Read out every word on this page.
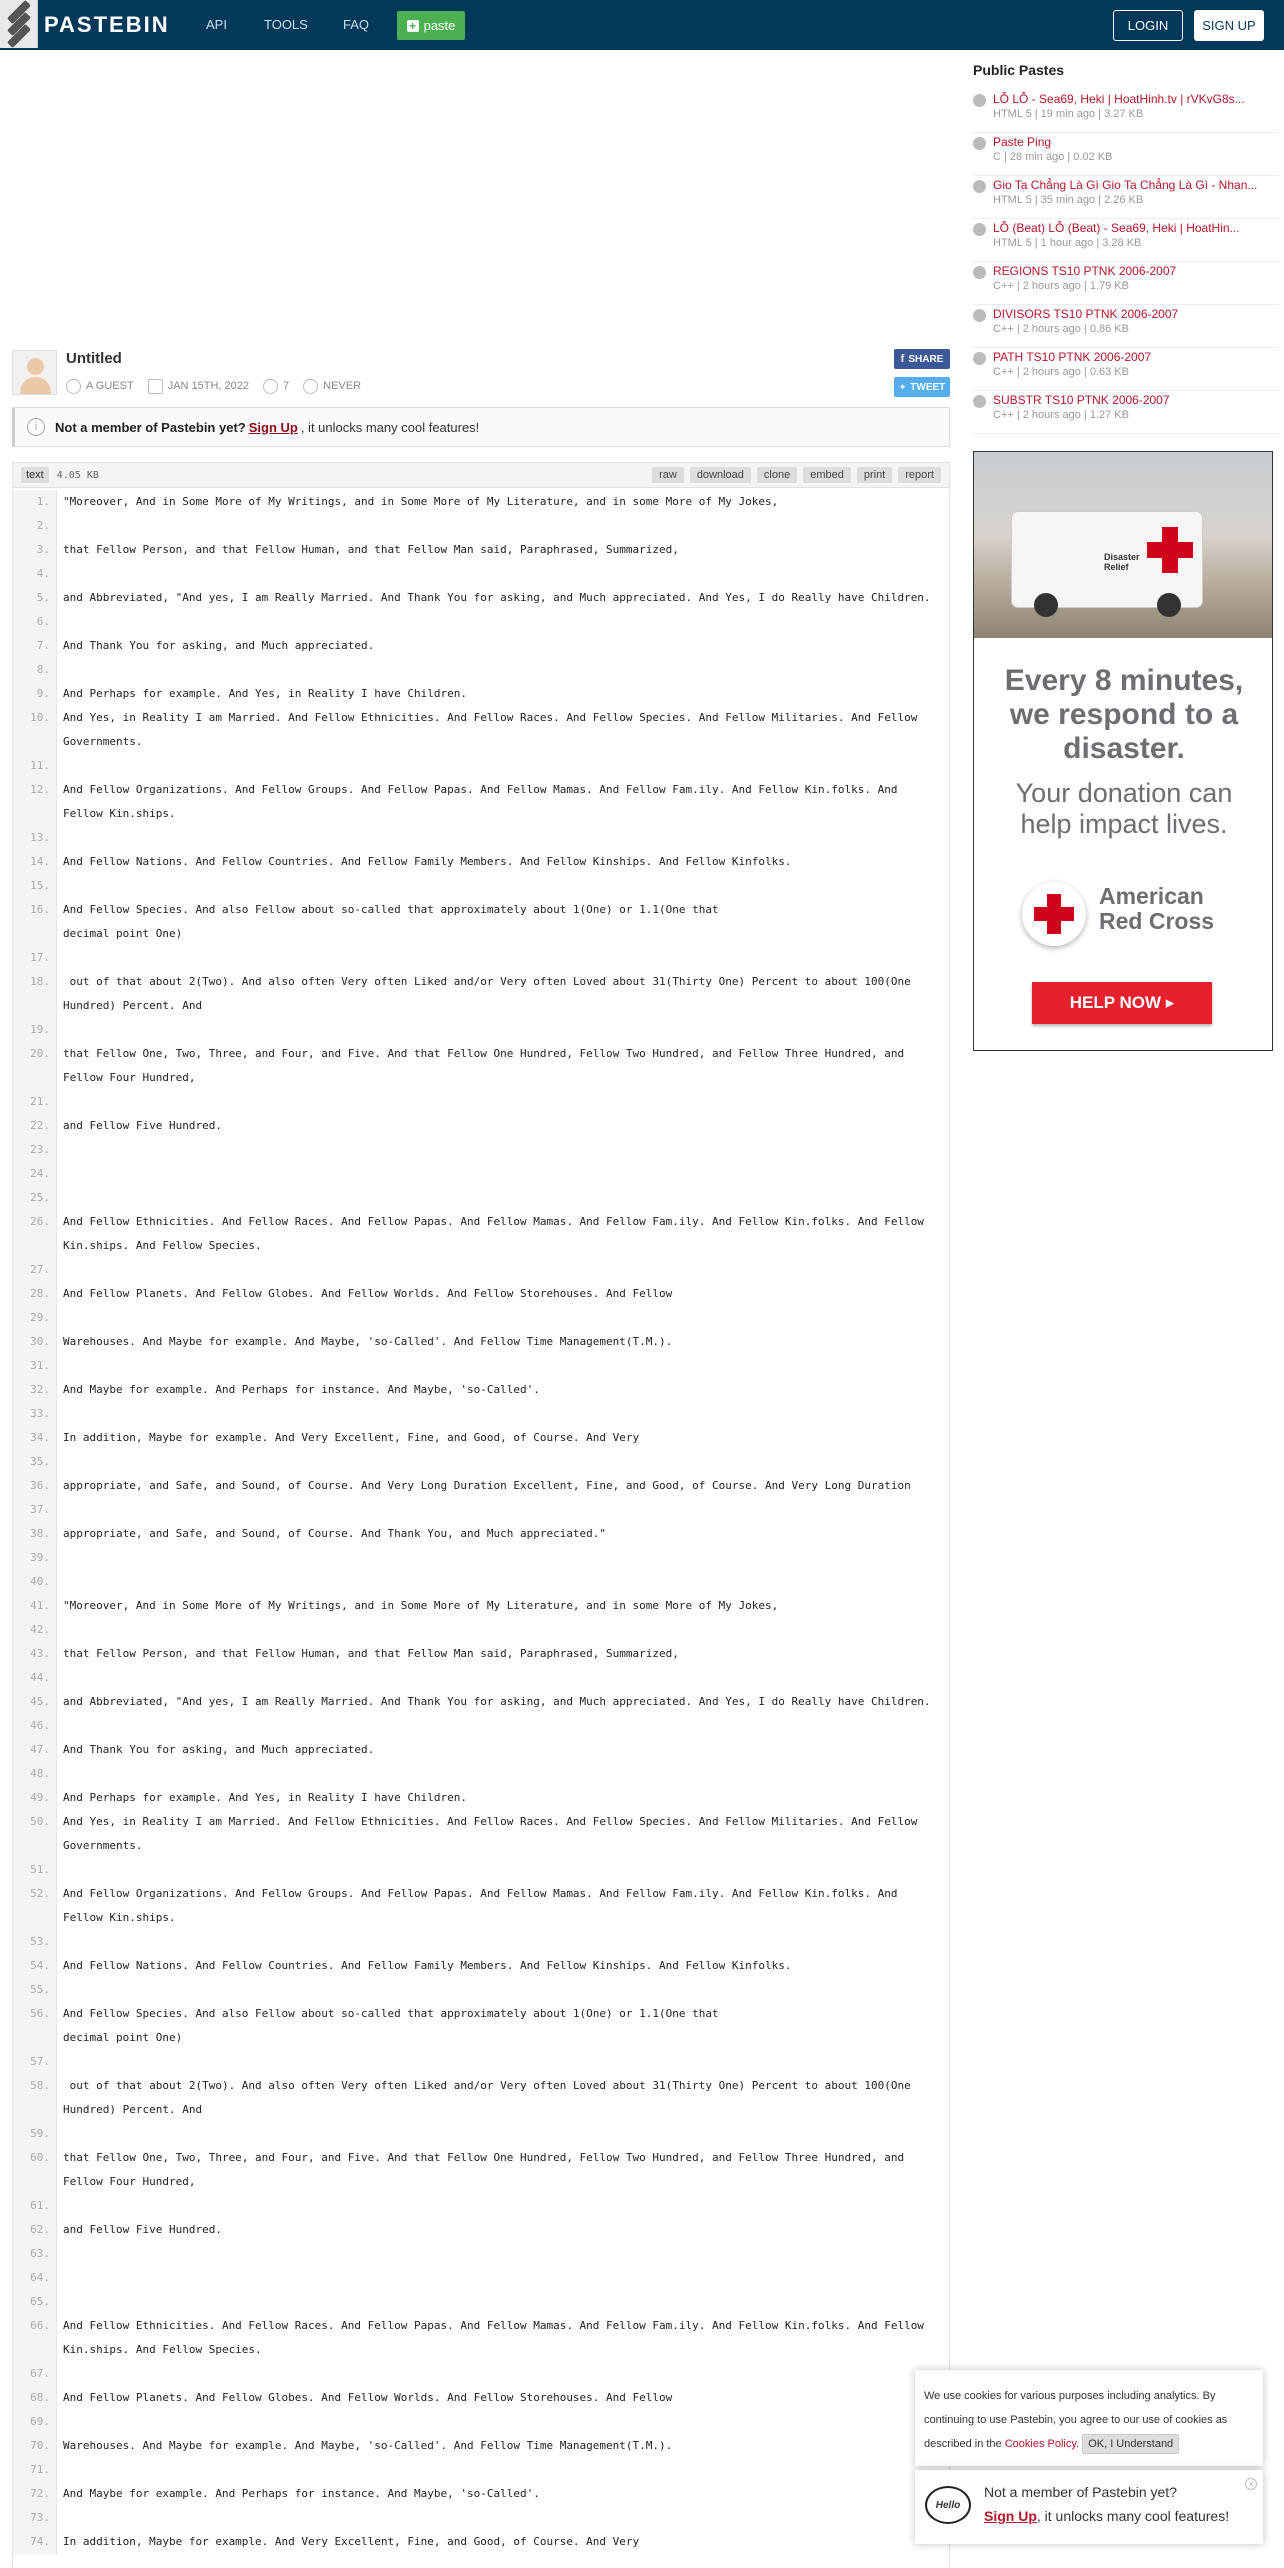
PASTEBIN	API	TOOLS	FAQ	+ paste	LOGIN	SIGN UP
Untitled
A GUEST	JAN 15TH, 2022	7	NEVER
f SHARE
✦ TWEET
i	Not a member of Pastebin yet? Sign Up , it unlocks many cool features!
text	4.05 KB	raw	download	clone	embed	print	report
1.	"Moreover, And in Some More of My Writings, and in Some More of My Literature, and in some More of My Jokes,
2.

3.	that Fellow Person, and that Fellow Human, and that Fellow Man said, Paraphrased, Summarized,
4.

5.	and Abbreviated, "And yes, I am Really Married. And Thank You for asking, and Much appreciated. And Yes, I do Really have Children.
6.

7.	And Thank You for asking, and Much appreciated.
8.

9.	And Perhaps for example. And Yes, in Reality I have Children.
10.	And Yes, in Reality I am Married. And Fellow Ethnicities. And Fellow Races. And Fellow Species. And Fellow Militaries. And Fellow Governments.
11.

12.	And Fellow Organizations. And Fellow Groups. And Fellow Papas. And Fellow Mamas. And Fellow Fam.ily. And Fellow Kin.folks. And Fellow Kin.ships.
13.

14.	And Fellow Nations. And Fellow Countries. And Fellow Family Members. And Fellow Kinships. And Fellow Kinfolks.
15.

16.	And Fellow Species. And also Fellow about so-called that approximately about 1(One) or 1.1(One that
decimal point One)
17.

18.	out of that about 2(Two). And also often Very often Liked and/or Very often Loved about 31(Thirty One) Percent to about 100(One Hundred) Percent. And
19.

20.	that Fellow One, Two, Three, and Four, and Five. And that Fellow One Hundred, Fellow Two Hundred, and Fellow Three Hundred, and Fellow Four Hundred,
21.

22.	and Fellow Five Hundred.
23.

24.

25.

26.	And Fellow Ethnicities. And Fellow Races. And Fellow Papas. And Fellow Mamas. And Fellow Fam.ily. And Fellow Kin.folks. And Fellow Kin.ships. And Fellow Species.
27.

28.	And Fellow Planets. And Fellow Globes. And Fellow Worlds. And Fellow Storehouses. And Fellow
29.

30.	Warehouses. And Maybe for example. And Maybe, 'so-Called'. And Fellow Time Management(T.M.).
31.

32.	And Maybe for example. And Perhaps for instance. And Maybe, 'so-Called'.
33.

34.	In addition, Maybe for example. And Very Excellent, Fine, and Good, of Course. And Very
35.

36.	appropriate, and Safe, and Sound, of Course. And Very Long Duration Excellent, Fine, and Good, of Course. And Very Long Duration
37.

38.	appropriate, and Safe, and Sound, of Course. And Thank You, and Much appreciated."
39.

40.

41.	"Moreover, And in Some More of My Writings, and in Some More of My Literature, and in some More of My Jokes,
42.

43.	that Fellow Person, and that Fellow Human, and that Fellow Man said, Paraphrased, Summarized,
44.

45.	and Abbreviated, "And yes, I am Really Married. And Thank You for asking, and Much appreciated. And Yes, I do Really have Children.
46.

47.	And Thank You for asking, and Much appreciated.
48.

49.	And Perhaps for example. And Yes, in Reality I have Children.
50.	And Yes, in Reality I am Married. And Fellow Ethnicities. And Fellow Races. And Fellow Species. And Fellow Militaries. And Fellow Governments.
51.

52.	And Fellow Organizations. And Fellow Groups. And Fellow Papas. And Fellow Mamas. And Fellow Fam.ily. And Fellow Kin.folks. And Fellow Kin.ships.
53.

54.	And Fellow Nations. And Fellow Countries. And Fellow Family Members. And Fellow Kinships. And Fellow Kinfolks.
55.

56.	And Fellow Species. And also Fellow about so-called that approximately about 1(One) or 1.1(One that
decimal point One)
57.

58.	out of that about 2(Two). And also often Very often Liked and/or Very often Loved about 31(Thirty One) Percent to about 100(One Hundred) Percent. And
59.

60.	that Fellow One, Two, Three, and Four, and Five. And that Fellow One Hundred, Fellow Two Hundred, and Fellow Three Hundred, and Fellow Four Hundred,
61.

62.	and Fellow Five Hundred.
63.

64.

65.

66.	And Fellow Ethnicities. And Fellow Races. And Fellow Papas. And Fellow Mamas. And Fellow Fam.ily. And Fellow Kin.folks. And Fellow Kin.ships. And Fellow Species.
67.

68.	And Fellow Planets. And Fellow Globes. And Fellow Worlds. And Fellow Storehouses. And Fellow
69.

70.	Warehouses. And Maybe for example. And Maybe, 'so-Called'. And Fellow Time Management(T.M.).
71.

72.	And Maybe for example. And Perhaps for instance. And Maybe, 'so-Called'.
73.

74.	In addition, Maybe for example. And Very Excellent, Fine, and Good, of Course. And Very
Public Pastes
LỖ LỖ - Sea69, Heki | HoatHinh.tv | rVKvG8s...
HTML 5 | 19 min ago | 3.27 KB
Paste Ping
C | 28 min ago | 0.02 KB
Gio Ta Chẳng Là Gì Gio Ta Chẳng Là Gì - Nhan...
HTML 5 | 35 min ago | 2.26 KB
LỖ (Beat) LỖ (Beat) - Sea69, Heki | HoatHin...
HTML 5 | 1 hour ago | 3.28 KB
REGIONS TS10 PTNK 2006-2007
C++ | 2 hours ago | 1.79 KB
DIVISORS TS10 PTNK 2006-2007
C++ | 2 hours ago | 0.86 KB
PATH TS10 PTNK 2006-2007
C++ | 2 hours ago | 0.63 KB
SUBSTR TS10 PTNK 2006-2007
C++ | 2 hours ago | 1.27 KB
Disaster Relief
Every 8 minutes, we respond to a disaster.
Your donation can help impact lives.
American Red Cross
HELP NOW ▸
We use cookies for various purposes including analytics. By continuing to use Pastebin, you agree to our use of cookies as described in the Cookies Policy. OK, I Understand
Hello
×
Not a member of Pastebin yet?
Sign Up, it unlocks many cool features!
